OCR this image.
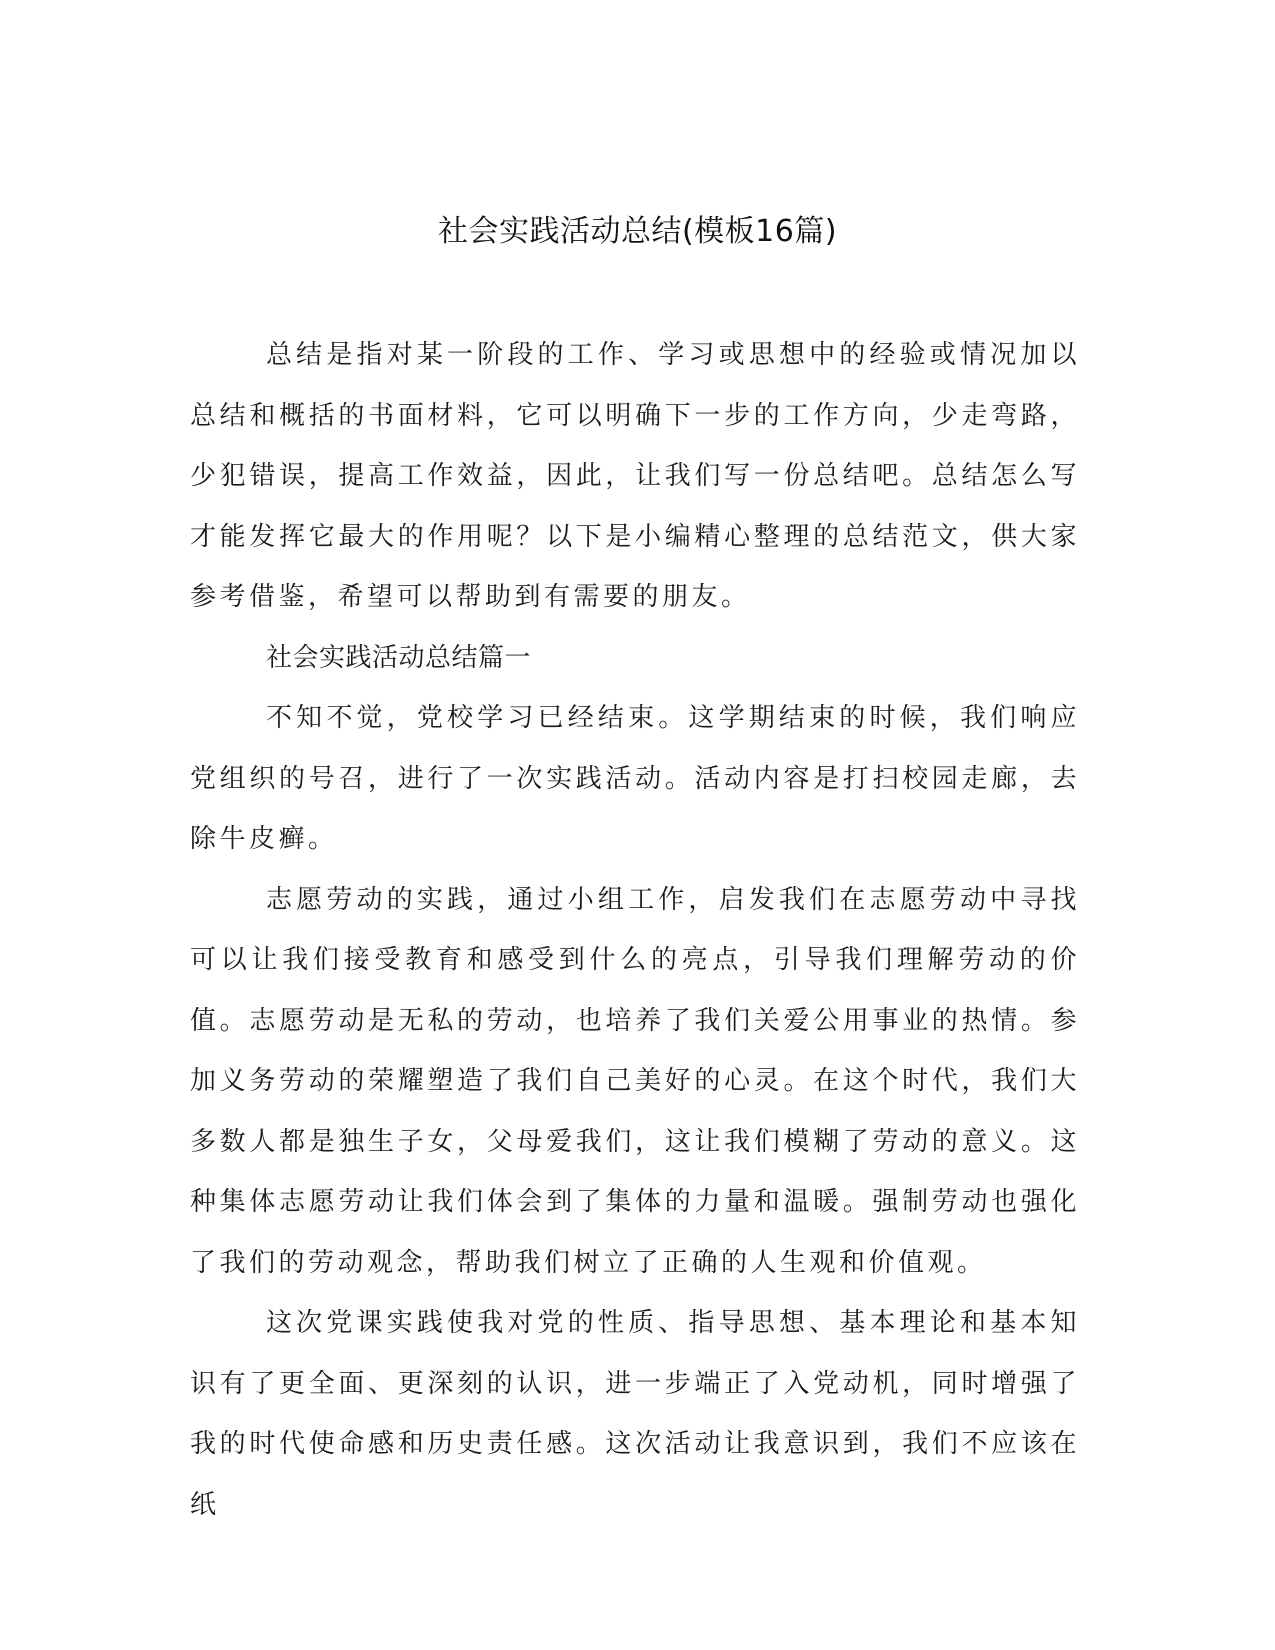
社会实践活动总结(模板16篇)

总结是指对某一阶段的工作、学习或思想中的经验或情况加以总结和概括的书面材料，它可以明确下一步的工作方向，少走弯路，少犯错误，提高工作效益，因此，让我们写一份总结吧。总结怎么写才能发挥它最大的作用呢？以下是小编精心整理的总结范文，供大家参考借鉴，希望可以帮助到有需要的朋友。

社会实践活动总结篇一

不知不觉，党校学习已经结束。这学期结束的时候，我们响应党组织的号召，进行了一次实践活动。活动内容是打扫校园走廊，去除牛皮癣。

志愿劳动的实践，通过小组工作，启发我们在志愿劳动中寻找可以让我们接受教育和感受到什么的亮点，引导我们理解劳动的价值。志愿劳动是无私的劳动，也培养了我们关爱公用事业的热情。参加义务劳动的荣耀塑造了我们自己美好的心灵。在这个时代，我们大多数人都是独生子女，父母爱我们，这让我们模糊了劳动的意义。这种集体志愿劳动让我们体会到了集体的力量和温暖。强制劳动也强化了我们的劳动观念，帮助我们树立了正确的人生观和价值观。

这次党课实践使我对党的性质、指导思想、基本理论和基本知识有了更全面、更深刻的认识，进一步端正了入党动机，同时增强了我的时代使命感和历史责任感。这次活动让我意识到，我们不应该在纸
